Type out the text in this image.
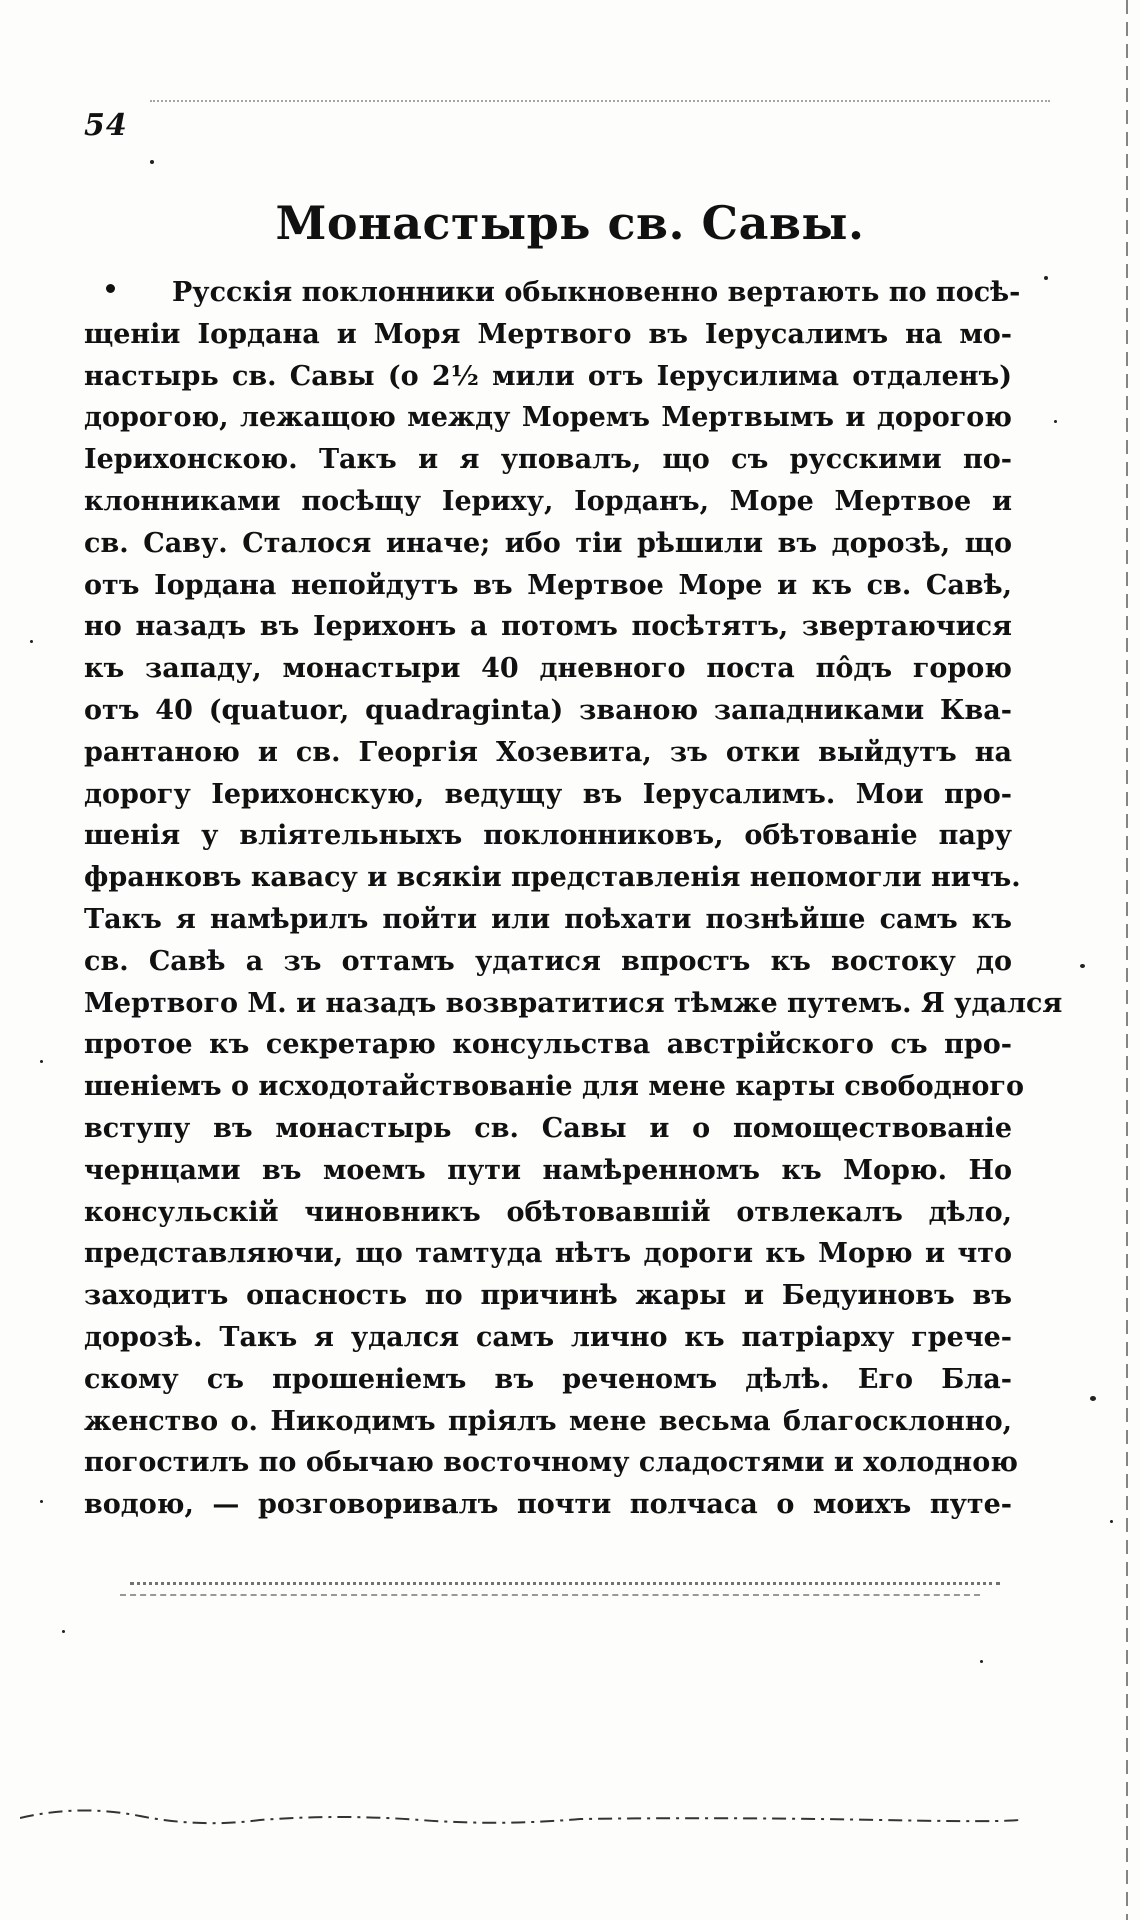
54
Монастырь св. Савы.
Русскія поклонники обыкновенно вертають по посѣ-
щеніи Іордана и Моря Мертвого въ Іерусалимъ на мо-
настырь св. Савы (о 2½ мили отъ Іерусилима отдаленъ)
дорогою, лежащою между Моремъ Мертвымъ и дорогою
Іерихонскою. Такъ и я уповалъ, що съ русскими по-
клонниками посѣщу Іериху, Іорданъ, Море Мертвое и
св. Саву. Сталося иначе; ибо тіи рѣшили въ дорозѣ, що
отъ Іордана непойдутъ въ Мертвое Море и къ св. Савѣ,
но назадъ въ Іерихонъ а потомъ посѣтятъ, звертаючися
къ западу, монастыри 40 дневного поста пôдъ горою
отъ 40 (quatuor, quadraginta) званою западниками Ква-
рантаною и св. Георгія Хозевита, зъ отки выйдутъ на
дорогу Іерихонскую, ведущу въ Іерусалимъ. Мои про-
шенія у влiятельныхъ поклонниковъ, обѣтованіе пару
франковъ кавасу и всякіи представленія непомогли ничъ.
Такъ я намѣрилъ пойти или поѣхати познѣйше самъ къ
св. Савѣ а зъ оттамъ удатися впростъ къ востоку до
Мертвого М. и назадъ возвратитися тѣмже путемъ. Я удался
протое къ секретарю консульства австрійского съ про-
шеніемъ о исходотайствованіе для мене карты свободного
вступу въ монастырь св. Савы и о помоществованіе
чернцами въ моемъ пути намѣренномъ къ Морю. Но
консульскій чиновникъ обѣтовавшій отвлекалъ дѣло,
представляючи, що тамтуда нѣтъ дороги къ Морю и что
заходитъ опасность по причинѣ жары и Бедуиновъ въ
дорозѣ. Такъ я удался самъ лично къ патріарху грече-
скому съ прошеніемъ въ реченомъ дѣлѣ. Его Бла-
женство о. Никодимъ пріялъ мене весьма благосклонно,
погостилъ по обычаю восточному сладостями и холодною
водою, — розговоривалъ почти полчаса о моихъ путе-
